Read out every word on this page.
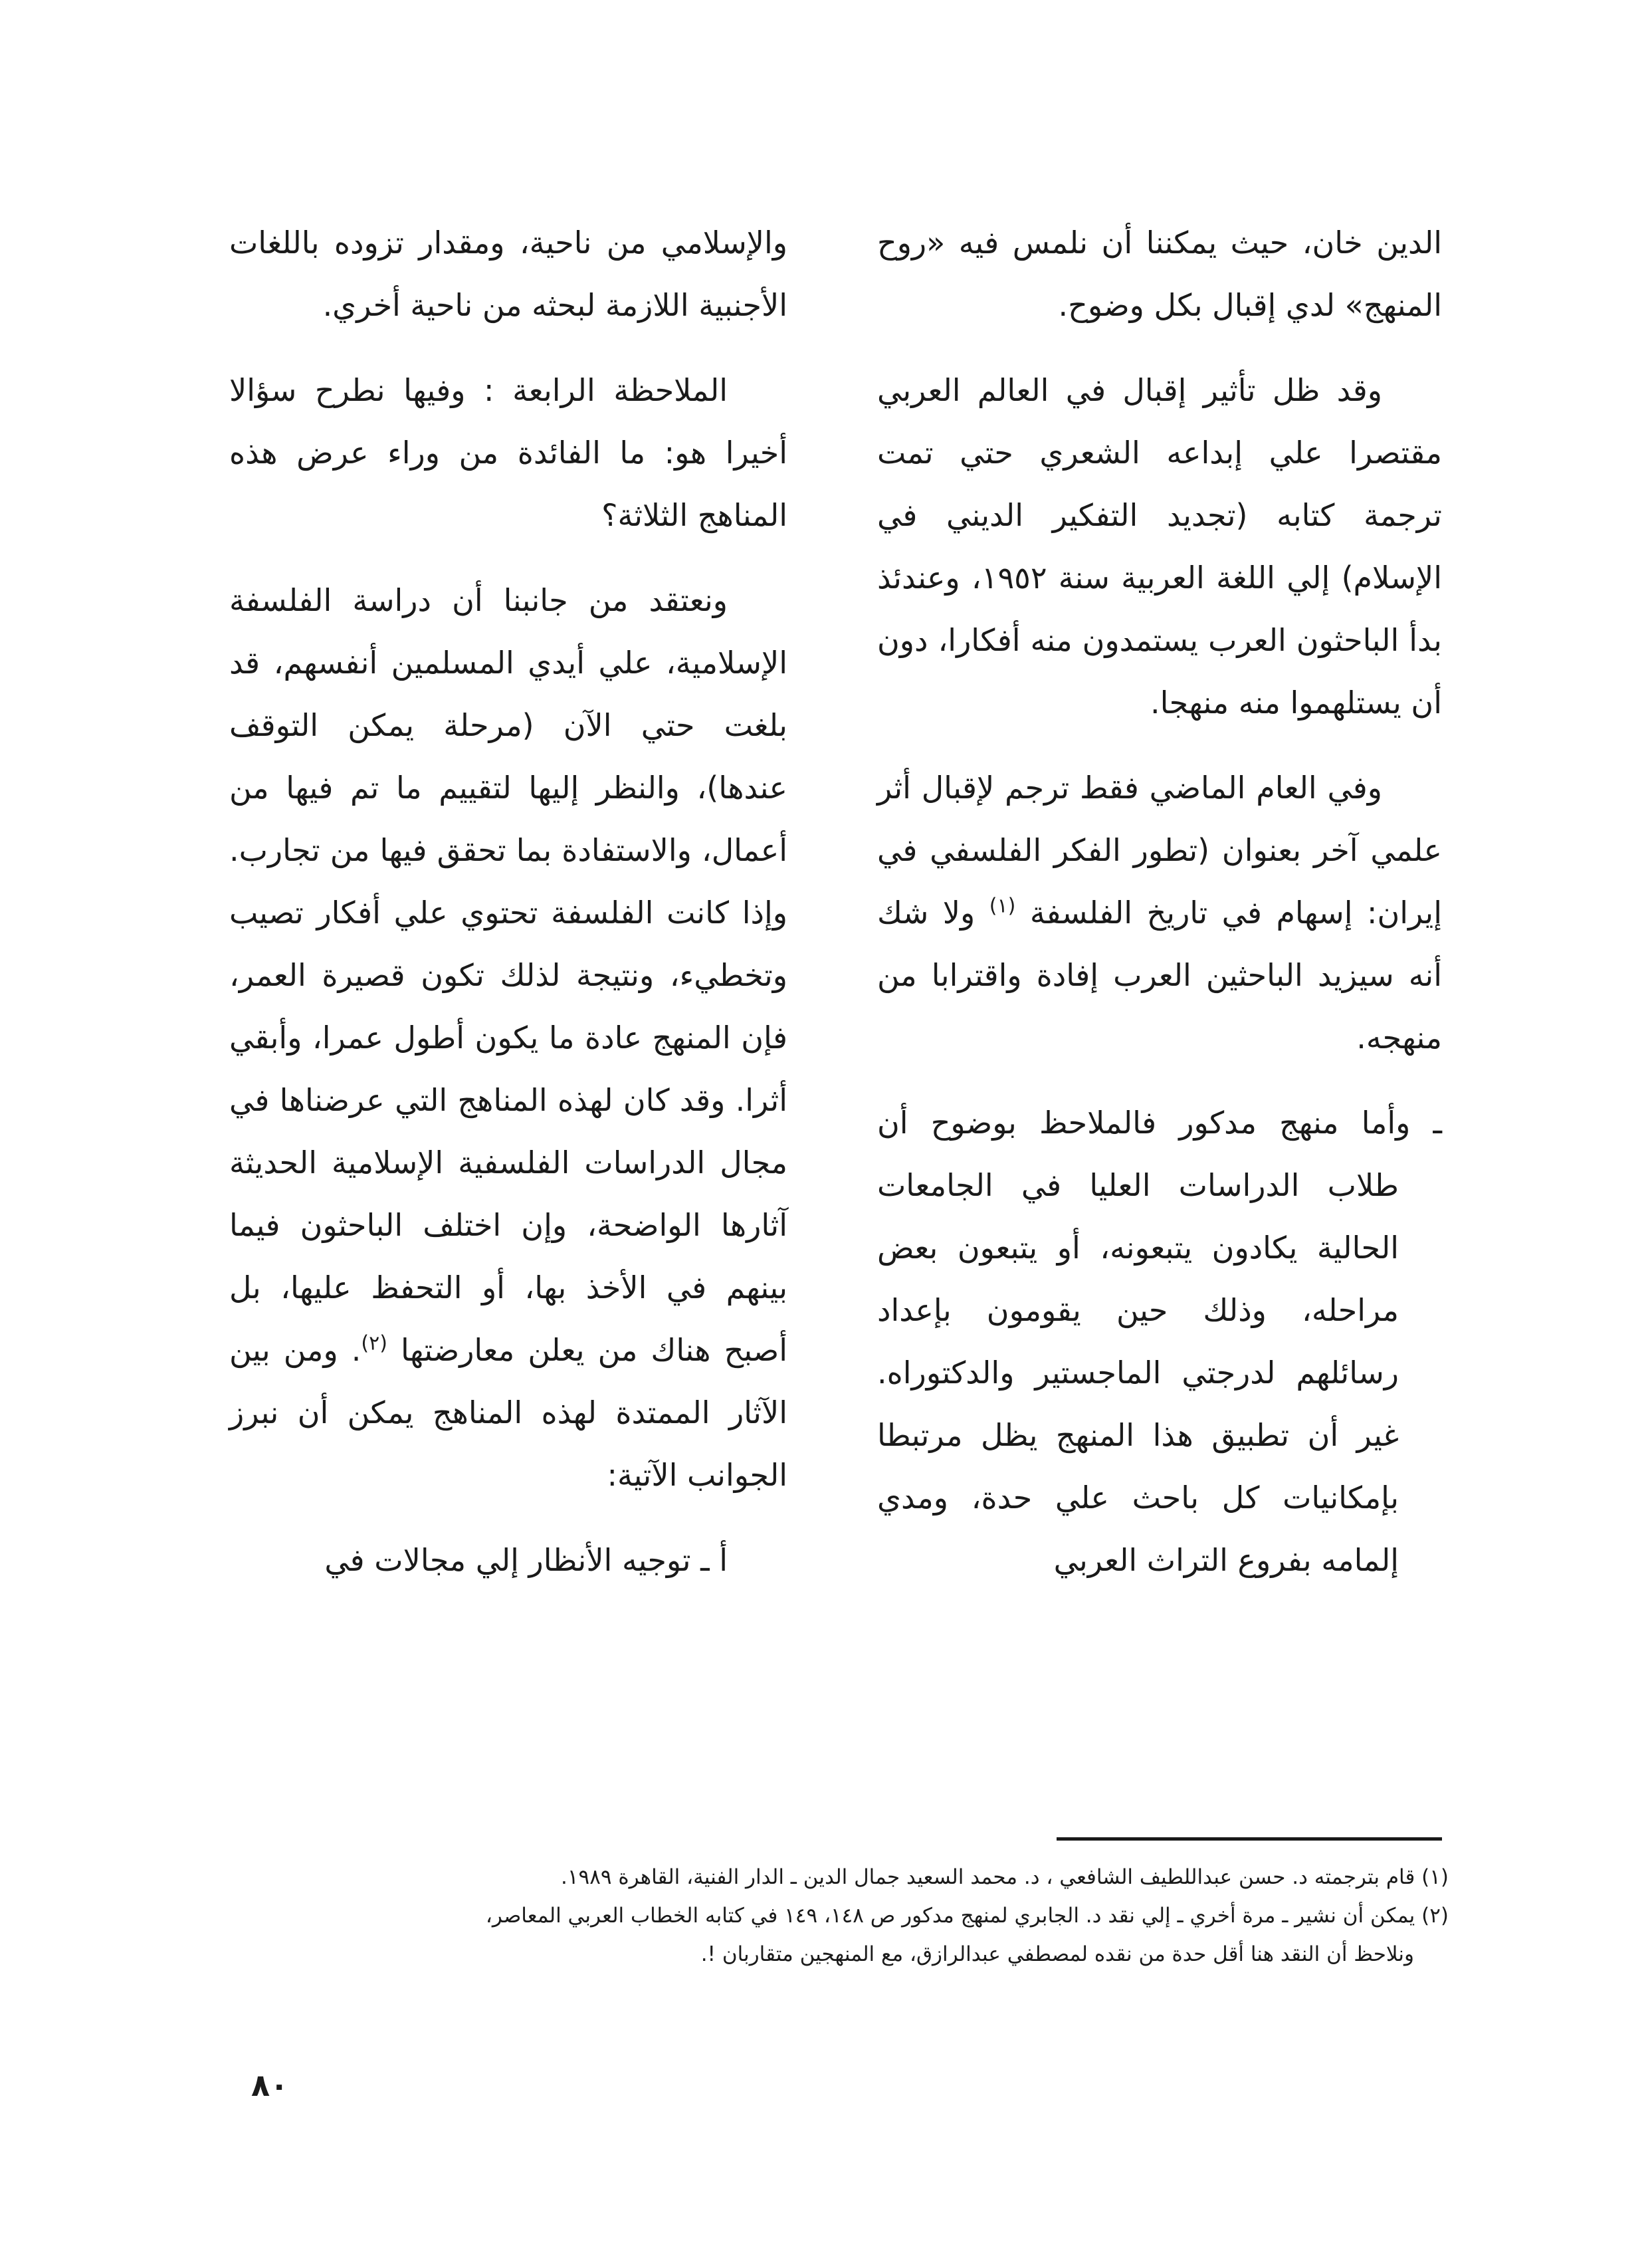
الدين خان، حيث يمكننا أن نلمس فيه «روح المنهج» لدي إقبال بكل وضوح.

وقد ظل تأثير إقبال في العالم العربي مقتصرا علي إبداعه الشعري حتي تمت ترجمة كتابه (تجديد التفكير الديني في الإسلام) إلي اللغة العربية سنة ١٩٥٢، وعندئذ بدأ الباحثون العرب يستمدون منه أفكارا، دون أن يستلهموا منه منهجا.

وفي العام الماضي فقط ترجم لإقبال أثر علمي آخر بعنوان (تطور الفكر الفلسفي في إيران: إسهام في تاريخ الفلسفة $^{(١)}$ ولا شك أنه سيزيد الباحثين العرب إفادة واقترابا من منهجه.

ـ وأما منهج مدكور فالملاحظ بوضوح أن طلاب الدراسات العليا في الجامعات الحالية يكادون يتبعونه، أو يتبعون بعض مراحله، وذلك حين يقومون بإعداد رسائلهم لدرجتي الماجستير والدكتوراه. غير أن تطبيق هذا المنهج يظل مرتبطا بإمكانيات كل باحث علي حدة، ومدي إلمامه بفروع التراث العربي

والإسلامي من ناحية، ومقدار تزوده باللغات الأجنبية اللازمة لبحثه من ناحية أخري.

الملاحظة الرابعة : وفيها نطرح سؤالا أخيرا هو: ما الفائدة من وراء عرض هذه المناهج الثلاثة؟

ونعتقد من جانبنا أن دراسة الفلسفة الإسلامية، علي أيدي المسلمين أنفسهم، قد بلغت حتي الآن (مرحلة يمكن التوقف عندها)، والنظر إليها لتقييم ما تم فيها من أعمال، والاستفادة بما تحقق فيها من تجارب. وإذا كانت الفلسفة تحتوي علي أفكار تصيب وتخطيء، ونتيجة لذلك تكون قصيرة العمر، فإن المنهج عادة ما يكون أطول عمرا، وأبقي أثرا. وقد كان لهذه المناهج التي عرضناها في مجال الدراسات الفلسفية الإسلامية الحديثة آثارها الواضحة، وإن اختلف الباحثون فيما بينهم في الأخذ بها، أو التحفظ عليها، بل أصبح هناك من يعلن معارضتها $^{(٢)}$. ومن بين الآثار الممتدة لهذه المناهج يمكن أن نبرز الجوانب الآتية:

أ ـ توجيه الأنظار إلي مجالات في

(١) قام بترجمته د. حسن عبداللطيف الشافعي ، د. محمد السعيد جمال الدين ـ الدار الفنية، القاهرة ١٩٨٩.
(٢) يمكن أن نشير ـ مرة أخري ـ إلي نقد د. الجابري لمنهج مدكور ص ١٤٨، ١٤٩ في كتابه الخطاب العربي المعاصر،
ونلاحظ أن النقد هنا أقل حدة من نقده لمصطفي عبدالرازق، مع المنهجين متقاربان !.
٨٠
